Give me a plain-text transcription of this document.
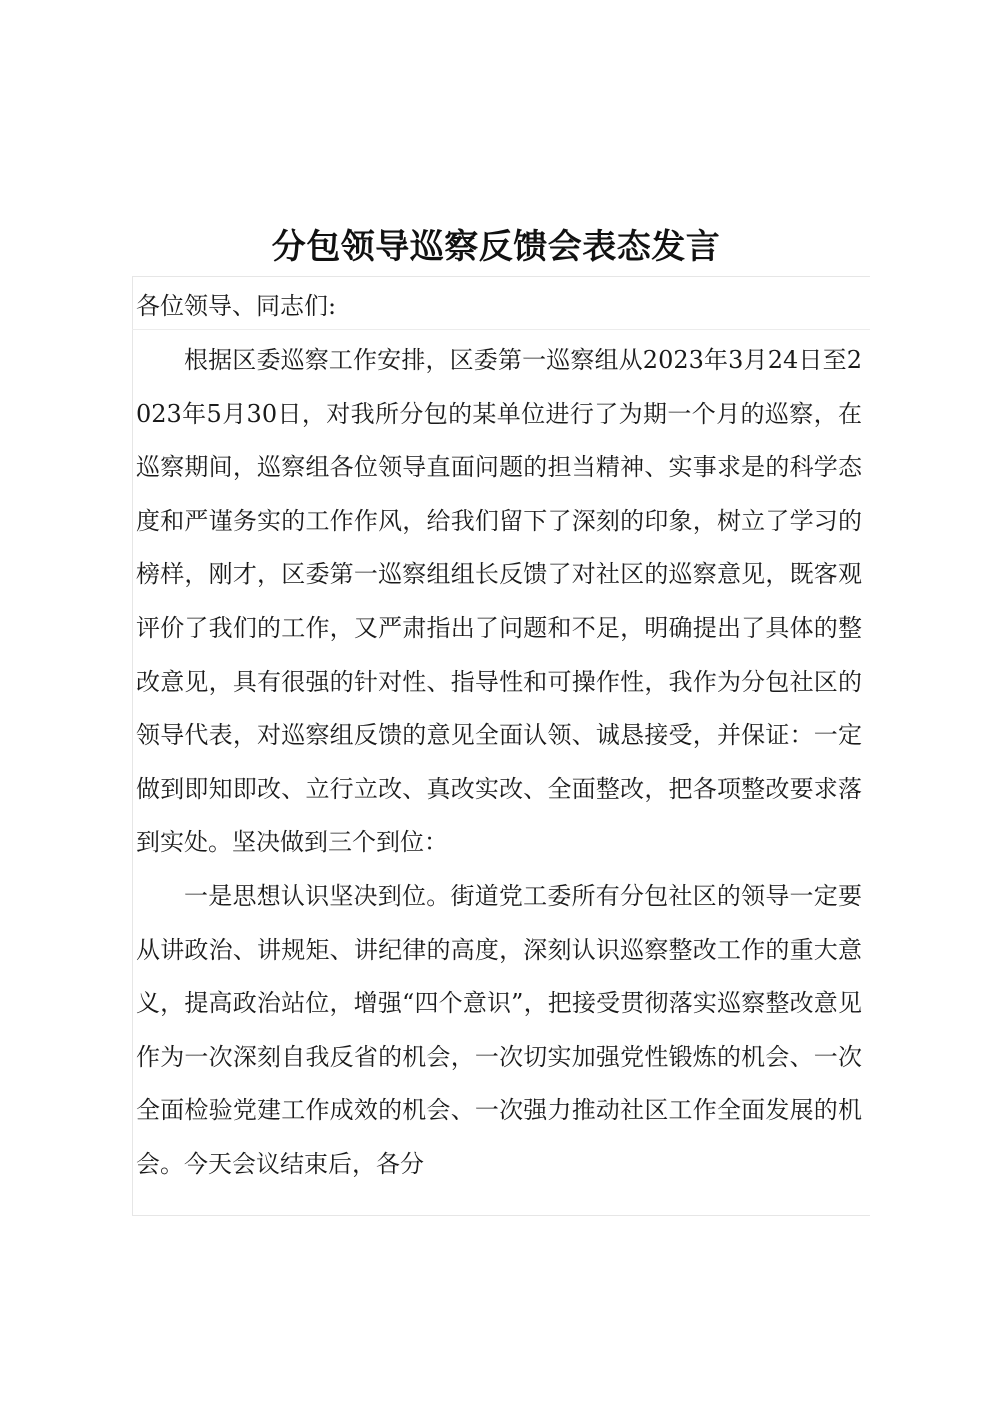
分包领导巡察反馈会表态发言

各位领导、同志们:

根据区委巡察工作安排，区委第一巡察组从2023年3月24日至2023年5月30日，对我所分包的某单位进行了为期一个月的巡察，在巡察期间，巡察组各位领导直面问题的担当精神、实事求是的科学态度和严谨务实的工作作风，给我们留下了深刻的印象，树立了学习的榜样，刚才，区委第一巡察组组长反馈了对社区的巡察意见，既客观评价了我们的工作，又严肃指出了问题和不足，明确提出了具体的整改意见，具有很强的针对性、指导性和可操作性，我作为分包社区的领导代表，对巡察组反馈的意见全面认领、诚恳接受，并保证：一定做到即知即改、立行立改、真改实改、全面整改，把各项整改要求落到实处。坚决做到三个到位：

一是思想认识坚决到位。街道党工委所有分包社区的领导一定要从讲政治、讲规矩、讲纪律的高度，深刻认识巡察整改工作的重大意义，提高政治站位，增强“四个意识”，把接受贯彻落实巡察整改意见作为一次深刻自我反省的机会，一次切实加强党性锻炼的机会、一次全面检验党建工作成效的机会、一次强力推动社区工作全面发展的机会。今天会议结束后，各分
